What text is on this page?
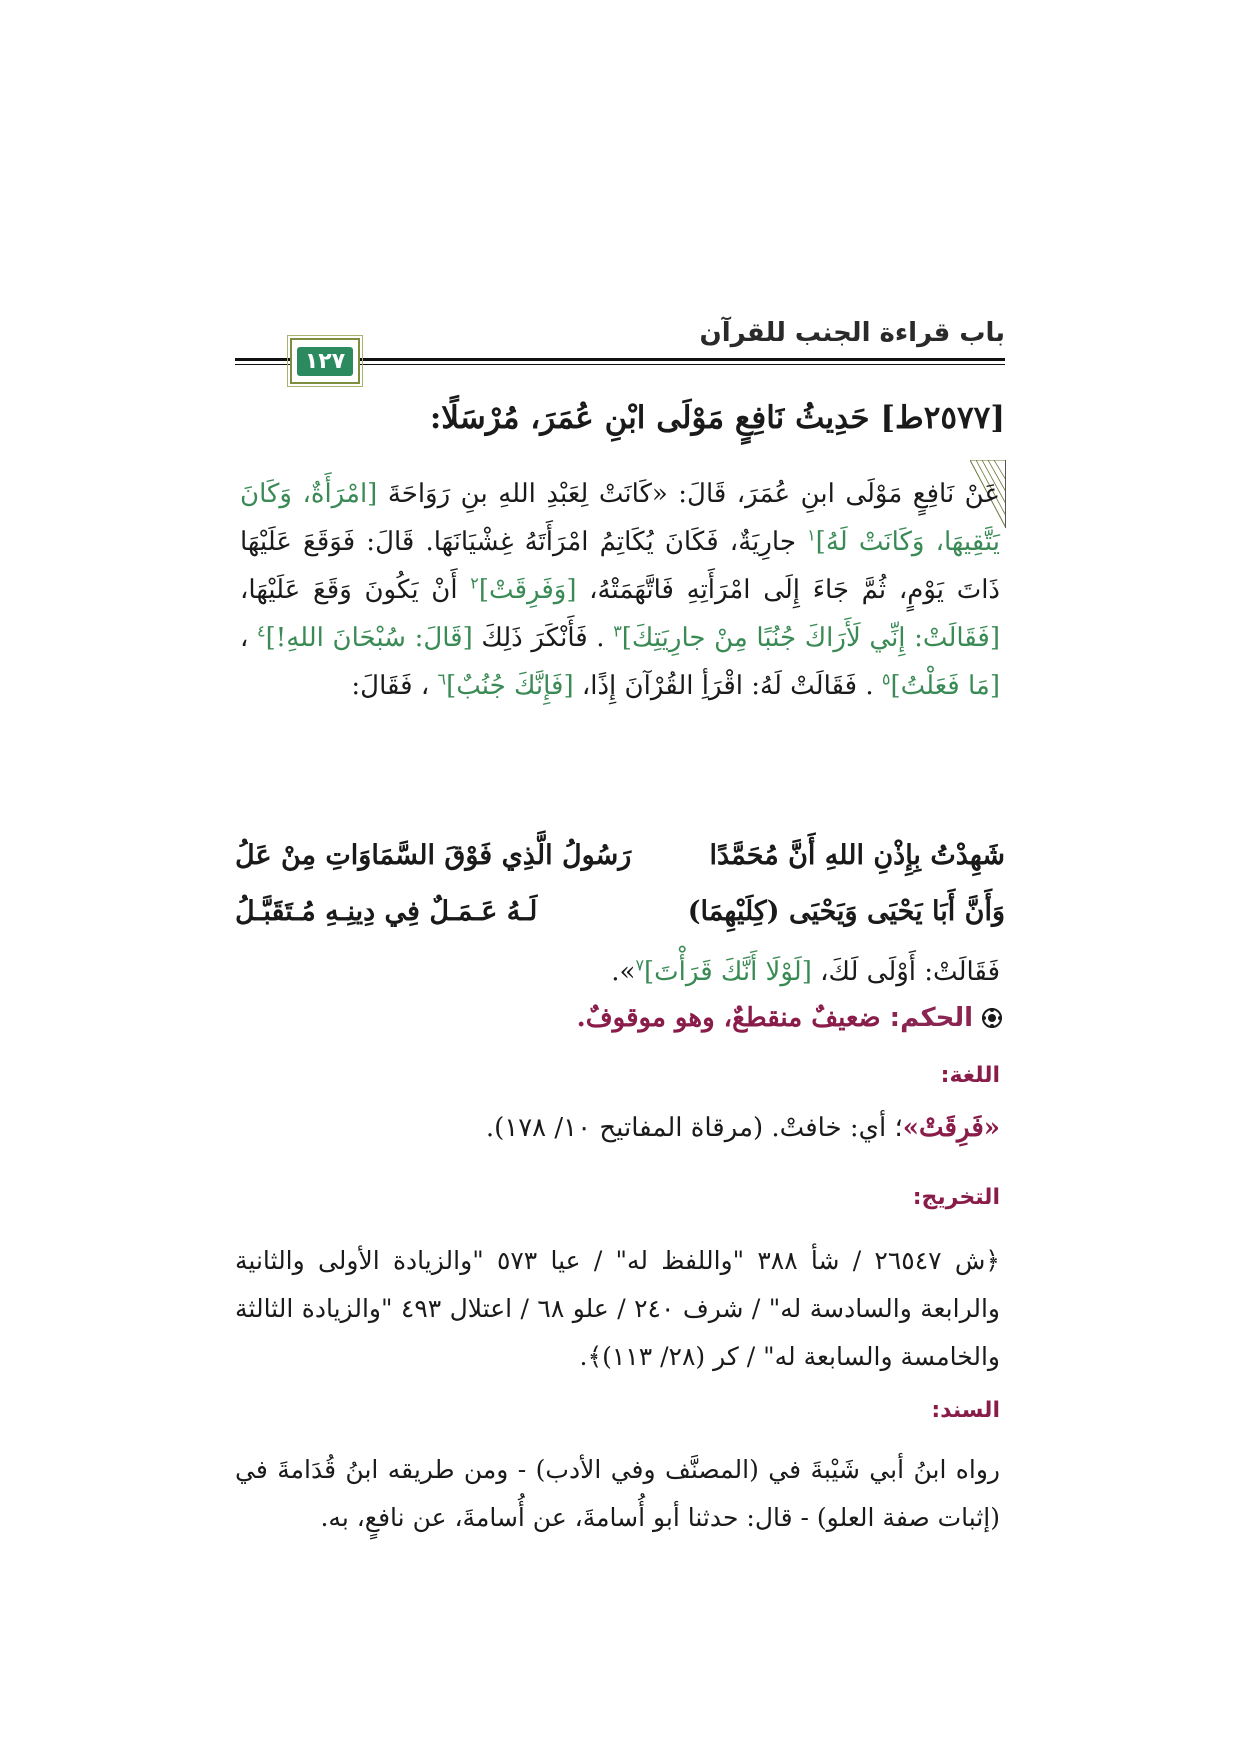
باب قراءة الجنب للقرآن
١٢٧
[٢٥٧٧ط] حَدِيثُ نَافِعٍ مَوْلَى ابْنِ عُمَرَ، مُرْسَلًا:
عَنْ نَافِعٍ مَوْلَى ابنِ عُمَرَ، قَالَ: «كَانَتْ لِعَبْدِ اللهِ بنِ رَوَاحَةَ [امْرَأَةٌ، وَكَانَ يَتَّقِيهَا، وَكَانَتْ لَهُ]$^١$ جارِيَةٌ، فَكَانَ يُكَاتِمُ امْرَأَتَهُ غِشْيَانَهَا. قَالَ: فَوَقَعَ عَلَيْهَا ذَاتَ يَوْمٍ، ثُمَّ جَاءَ إِلَى امْرَأَتِهِ فَاتَّهَمَتْهُ، [وَفَرِقَتْ]$^٢$ أَنْ يَكُونَ وَقَعَ عَلَيْهَا، [فَقَالَتْ: إِنِّي لَأَرَاكَ جُنُبًا مِنْ جارِيَتِكَ]$^٣$ . فَأَنْكَرَ ذَلِكَ [قَالَ: سُبْحَانَ اللهِ!]$^٤$ ، [مَا فَعَلْتُ]$^٥$ . فَقَالَتْ لَهُ: اقْرَأِ القُرْآنَ إِذًا، [فَإِنَّكَ جُنُبٌ]$^٦$ ، فَقَالَ:
شَهِدْتُ بِإِذْنِ اللهِ أَنَّ مُحَمَّدًا
رَسُولُ الَّذِي فَوْقَ السَّمَاوَاتِ مِنْ عَلُ
وَأَنَّ أَبَا يَحْيَى وَيَحْيَى (كِلَيْهِمَا)
لَـهُ عَـمَـلٌ فِي دِينِـهِ مُـتَقَبَّـلُ
فَقَالَتْ: أَوْلَى لَكَ، [لَوْلَا أَنَّكَ قَرَأْتَ]$^٧$».
الحكم: ضعيفٌ منقطعٌ، وهو موقوفٌ.
اللغة:
«فَرِقَتْ»؛ أي: خافتْ. (مرقاة المفاتيح ١٠/ ١٧٨).
التخريج:
﴿ش ٢٦٥٤٧ / شأ ٣٨٨ "واللفظ له" / عيا ٥٧٣ "والزيادة الأولى والثانية والرابعة والسادسة له" / شرف ٢٤٠ / علو ٦٨ / اعتلال ٤٩٣ "والزيادة الثالثة والخامسة والسابعة له" / كر (٢٨/ ١١٣)﴾.
السند:
رواه ابنُ أبي شَيْبةَ في (المصنَّف وفي الأدب) - ومن طريقه ابنُ قُدَامةَ في (إثبات صفة العلو) - قال: حدثنا أبو أُسامةَ، عن أُسامةَ، عن نافعٍ، به.
